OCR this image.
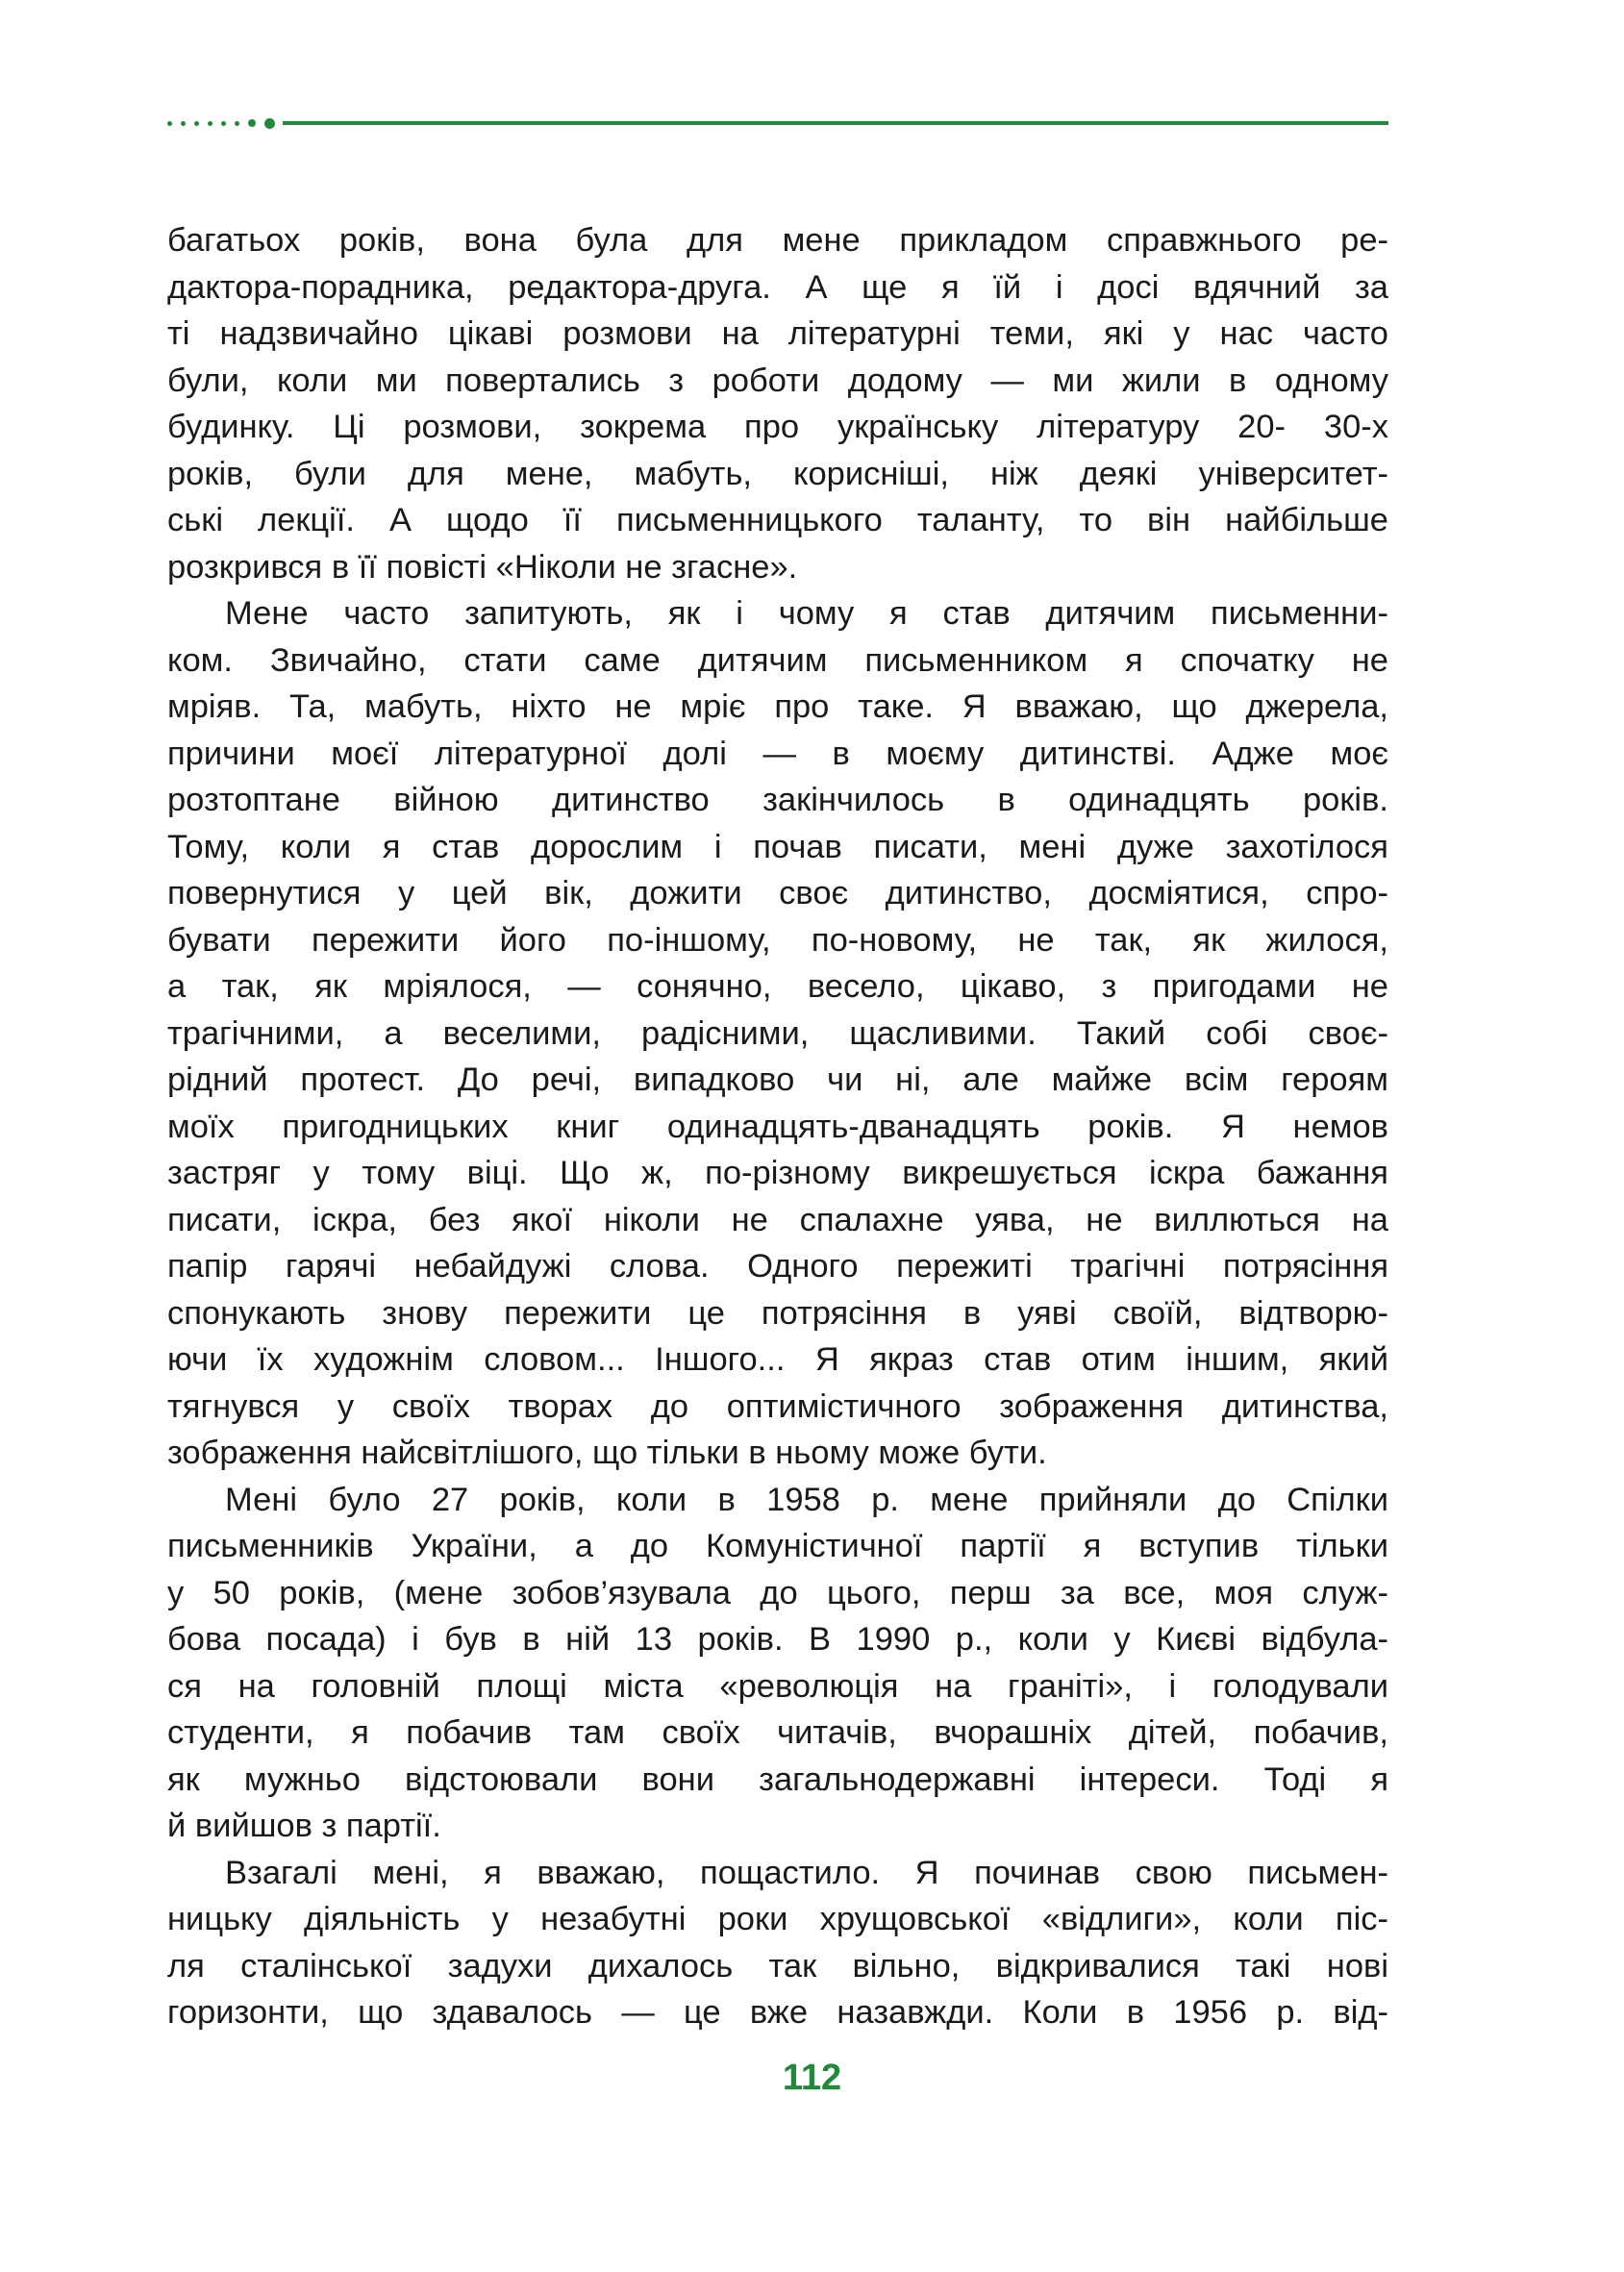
багатьох років, вона була для мене прикладом справжнього ре-
дактора-порадника, редактора-друга. А ще я їй і досі вдячний за
ті надзвичайно цікаві розмови на літературні теми, які у нас часто
були, коли ми повертались з роботи додому — ми жили в одному
будинку. Ці розмови, зокрема про українську літературу 20- 30-х
років, були для мене, мабуть, корисніші, ніж деякі університет-
ські лекції. А щодо її письменницького таланту, то він найбільше
розкрився в її повісті «Ніколи не згасне».
Мене часто запитують, як і чому я став дитячим письменни-
ком. Звичайно, стати саме дитячим письменником я спочатку не
мріяв. Та, мабуть, ніхто не мріє про таке. Я вважаю, що джерела,
причини моєї літературної долі — в моєму дитинстві. Адже моє
розтоптане війною дитинство закінчилось в одинадцять років.
Тому, коли я став дорослим і почав писати, мені дуже захотілося
повернутися у цей вік, дожити своє дитинство, досміятися, спро-
бувати пережити його по-іншому, по-новому, не так, як жилося,
а так, як мріялося, — сонячно, весело, цікаво, з пригодами не
трагічними, а веселими, радісними, щасливими. Такий собі своє-
рідний протест. До речі, випадково чи ні, але майже всім героям
моїх пригодницьких книг одинадцять-дванадцять років. Я немов
застряг у тому віці. Що ж, по-різному викрешується іскра бажання
писати, іскра, без якої ніколи не спалахне уява, не виллються на
папір гарячі небайдужі слова. Одного пережиті трагічні потрясіння
спонукають знову пережити це потрясіння в уяві своїй, відтворю-
ючи їх художнім словом... Іншого... Я якраз став отим іншим, який
тягнувся у своїх творах до оптимістичного зображення дитинства,
зображення найсвітлішого, що тільки в ньому може бути.
Мені було 27 років, коли в 1958 р. мене прийняли до Спілки
письменників України, а до Комуністичної партії я вступив тільки
у 50 років, (мене зобов’язувала до цього, перш за все, моя служ-
бова посада) і був в ній 13 років. В 1990 р., коли у Києві відбула-
ся на головній площі міста «революція на граніті», і голодували
студенти, я побачив там своїх читачів, вчорашніх дітей, побачив,
як мужньо відстоювали вони загальнодержавні інтереси. Тоді я
й вийшов з партії.
Взагалі мені, я вважаю, пощастило. Я починав свою письмен-
ницьку діяльність у незабутні роки хрущовської «відлиги», коли піс-
ля сталінської задухи дихалось так вільно, відкривалися такі нові
горизонти, що здавалось — це вже назавжди. Коли в 1956 р. від-
112
